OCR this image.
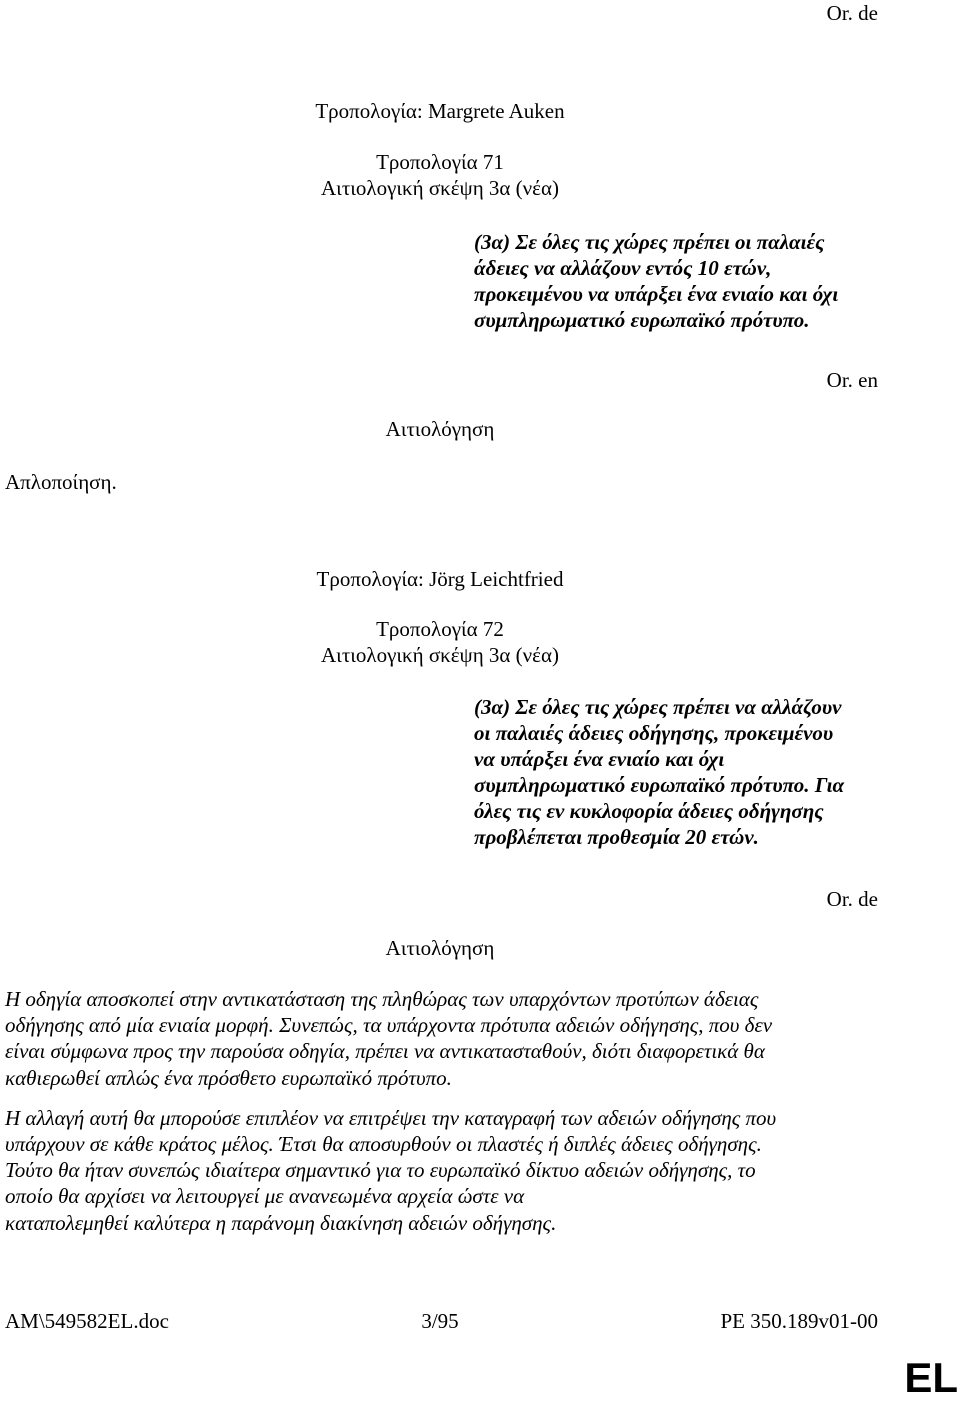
Or. de
Τροπολογία: Margrete Auken
Τροπολογία 71
Αιτιολογική σκέψη 3α (νέα)
(3α) Σε όλες τις χώρες πρέπει οι παλαιές
άδειες να αλλάζουν εντός 10 ετών,
προκειμένου να υπάρξει ένα ενιαίο και όχι
συμπληρωματικό ευρωπαϊκό πρότυπο.
Or. en
Αιτιολόγηση
Απλοποίηση.
Τροπολογία: Jörg Leichtfried
Τροπολογία 72
Αιτιολογική σκέψη 3α (νέα)
(3α) Σε όλες τις χώρες πρέπει να αλλάζουν
οι παλαιές άδειες οδήγησης, προκειμένου
να υπάρξει ένα ενιαίο και όχι
συμπληρωματικό ευρωπαϊκό πρότυπο. Για
όλες τις εν κυκλοφορία άδειες οδήγησης
προβλέπεται προθεσμία 20 ετών.
Or. de
Αιτιολόγηση

Η οδηγία αποσκοπεί στην αντικατάσταση της πληθώρας των υπαρχόντων προτύπων άδειας
οδήγησης από μία ενιαία μορφή. Συνεπώς, τα υπάρχοντα πρότυπα αδειών οδήγησης, που δεν
είναι σύμφωνα προς την παρούσα οδηγία, πρέπει να αντικατασταθούν, διότι διαφορετικά θα
καθιερωθεί απλώς ένα πρόσθετο ευρωπαϊκό πρότυπο.

Η αλλαγή αυτή θα μπορούσε επιπλέον να επιτρέψει την καταγραφή των αδειών οδήγησης που
υπάρχουν σε κάθε κράτος μέλος. Έτσι θα αποσυρθούν οι πλαστές ή διπλές άδειες οδήγησης.
Τούτο θα ήταν συνεπώς ιδιαίτερα σημαντικό για το ευρωπαϊκό δίκτυο αδειών οδήγησης, το
οποίο θα αρχίσει να λειτουργεί με ανανεωμένα αρχεία ώστε να
καταπολεμηθεί καλύτερα η παράνομη διακίνηση αδειών οδήγησης.

AM\549582EL.doc	3/95	PE 350.189v01-00
EL
